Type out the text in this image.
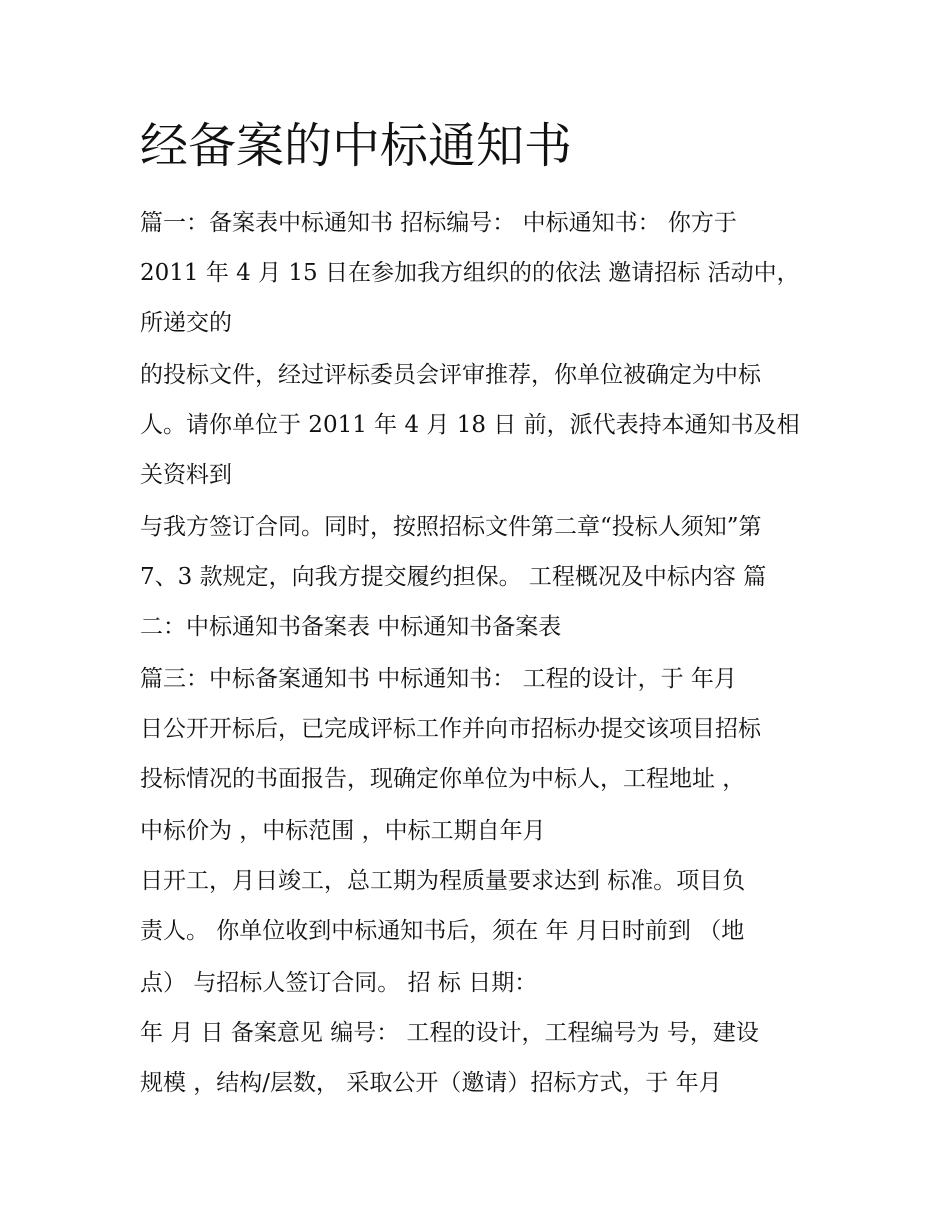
经备案的中标通知书

篇一：备案表中标通知书 招标编号： 中标通知书： 你方于

2011 年 4 月 15 日在参加我方组织的的依法 邀请招标 活动中，

所递交的

的投标文件，经过评标委员会评审推荐，你单位被确定为中标

人。请你单位于 2011 年 4 月 18 日 前，派代表持本通知书及相

关资料到

与我方签订合同。同时，按照招标文件第二章“投标人须知”第

7、3 款规定，向我方提交履约担保。 工程概况及中标内容 篇

二：中标通知书备案表 中标通知书备案表

篇三：中标备案通知书 中标通知书： 工程的设计，于 年月

日公开开标后，已完成评标工作并向市招标办提交该项目招标

投标情况的书面报告，现确定你单位为中标人，工程地址 ，

中标价为 ，中标范围 ，中标工期自年月

日开工，月日竣工，总工期为程质量要求达到 标准。项目负

责人。 你单位收到中标通知书后，须在 年 月日时前到 （地

点） 与招标人签订合同。 招 标 日期：

年 月 日 备案意见 编号： 工程的设计，工程编号为 号，建设

规模 ，结构/层数， 采取公开（邀请）招标方式，于 年月
